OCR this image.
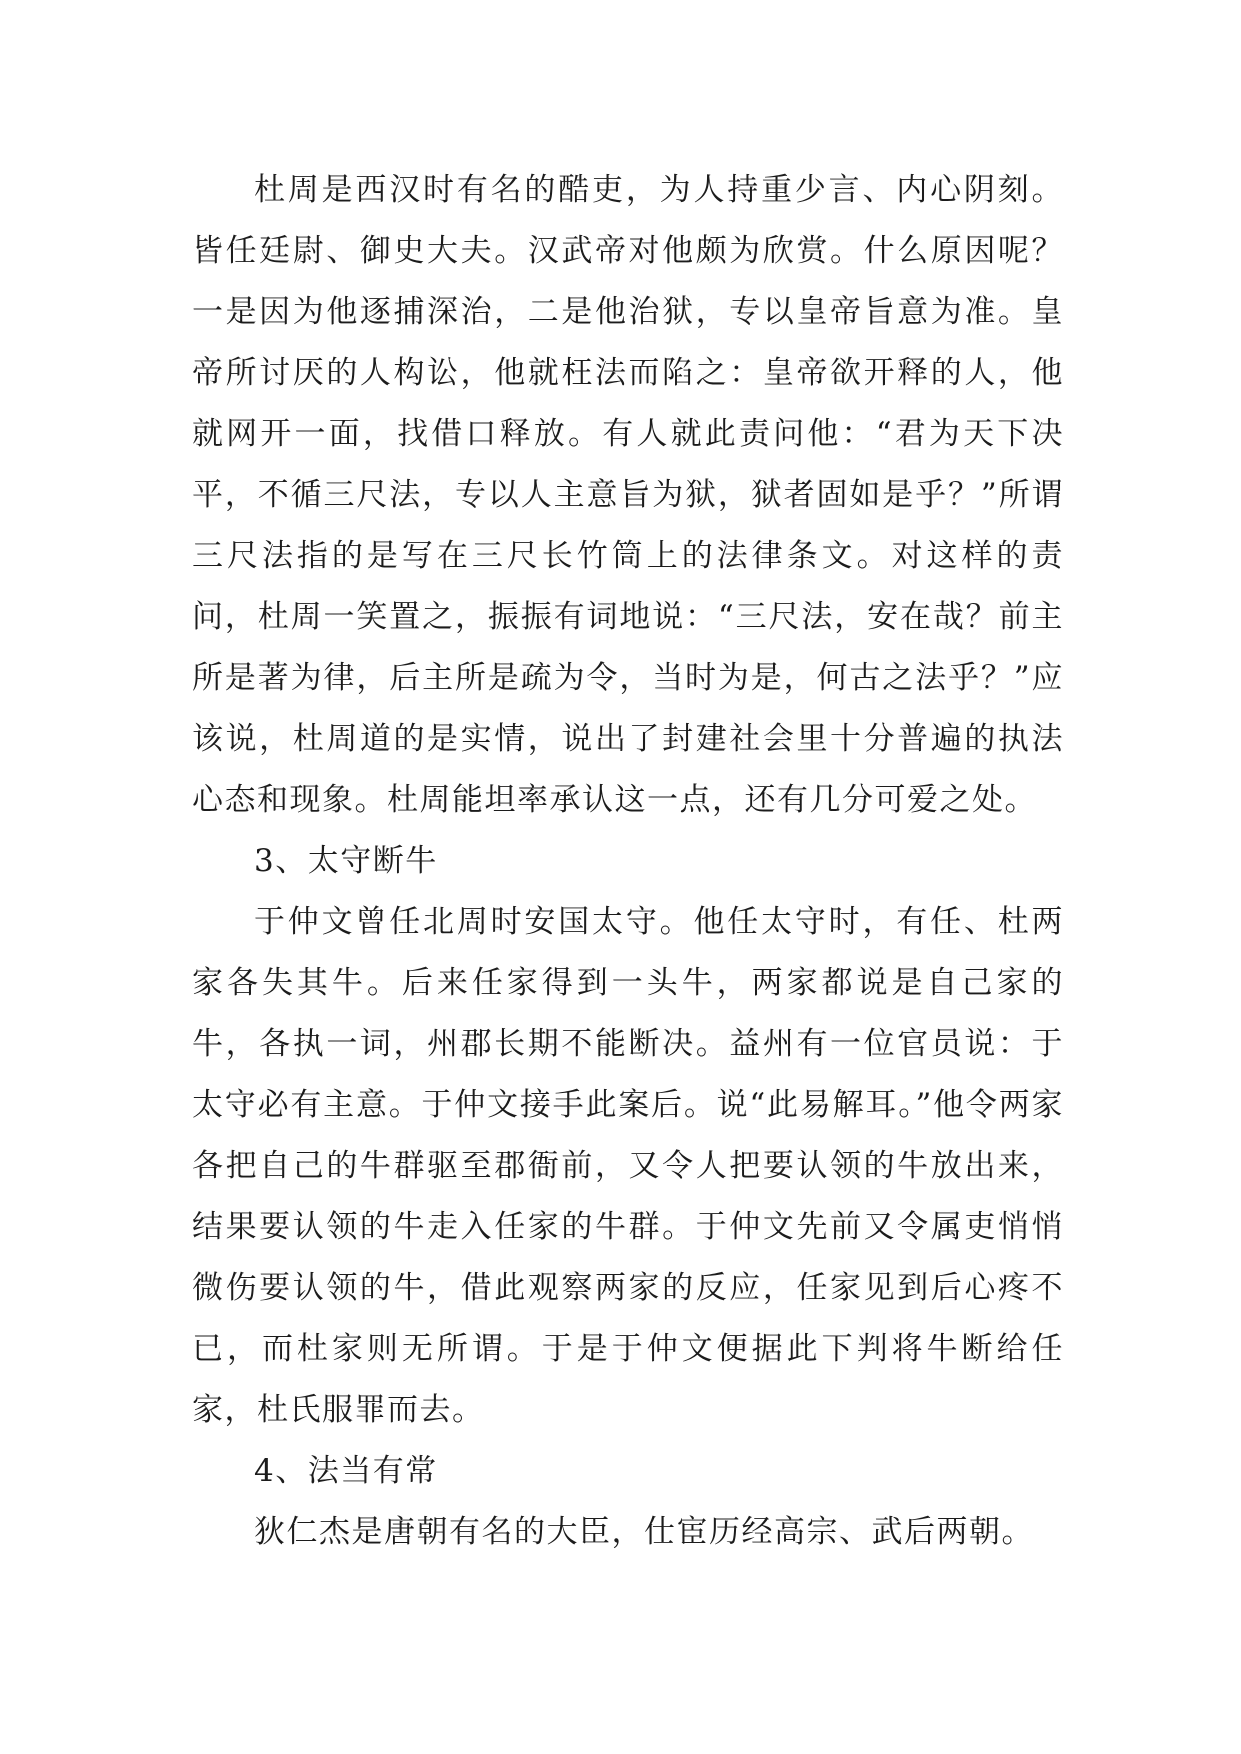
杜周是西汉时有名的酷吏，为人持重少言、内心阴刻。皆任廷尉、御史大夫。汉武帝对他颇为欣赏。什么原因呢？一是因为他逐捕深治，二是他治狱，专以皇帝旨意为准。皇帝所讨厌的人构讼，他就枉法而陷之：皇帝欲开释的人，他就网开一面，找借口释放。有人就此责问他：“君为天下决平，不循三尺法，专以人主意旨为狱，狱者固如是乎？”所谓三尺法指的是写在三尺长竹筒上的法律条文。对这样的责问，杜周一笑置之，振振有词地说：“三尺法，安在哉？前主所是著为律，后主所是疏为令，当时为是，何古之法乎？”应该说，杜周道的是实情，说出了封建社会里十分普遍的执法心态和现象。杜周能坦率承认这一点，还有几分可爱之处。

3、太守断牛

于仲文曾任北周时安国太守。他任太守时，有任、杜两家各失其牛。后来任家得到一头牛，两家都说是自己家的牛，各执一词，州郡长期不能断决。益州有一位官员说：于太守必有主意。于仲文接手此案后。说“此易解耳。”他令两家各把自己的牛群驱至郡衙前，又令人把要认领的牛放出来，结果要认领的牛走入任家的牛群。于仲文先前又令属吏悄悄微伤要认领的牛，借此观察两家的反应，任家见到后心疼不已，而杜家则无所谓。于是于仲文便据此下判将牛断给任家，杜氏服罪而去。

4、法当有常

狄仁杰是唐朝有名的大臣，仕宦历经高宗、武后两朝。
